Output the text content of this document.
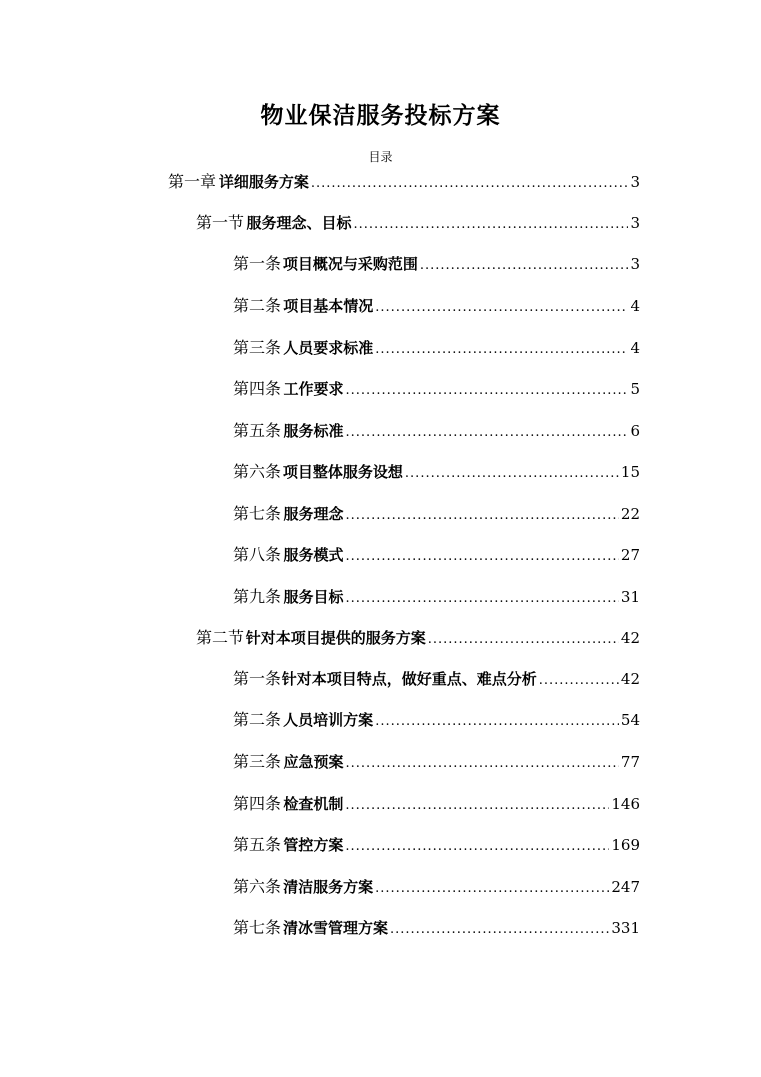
物业保洁服务投标方案
目录
第一章 详细服务方案 .....	3
第一节 服务理念、目标 .....	3
第一条 项目概况与采购范围 .....	3
第二条 项目基本情况 .....	4
第三条 人员要求标准 .....	4
第四条 工作要求 .....	5
第五条 服务标准 .....	6
第六条 项目整体服务设想 .....	15
第七条 服务理念 .....	22
第八条 服务模式 .....	27
第九条 服务目标 .....	31
第二节 针对本项目提供的服务方案 .....	42
第一条 针对本项目特点，做好重点、难点分析 .....	42
第二条 人员培训方案 .....	54
第三条 应急预案 .....	77
第四条 检查机制 .....	146
第五条 管控方案 .....	169
第六条 清洁服务方案 .....	247
第七条 清冰雪管理方案 .....	331
